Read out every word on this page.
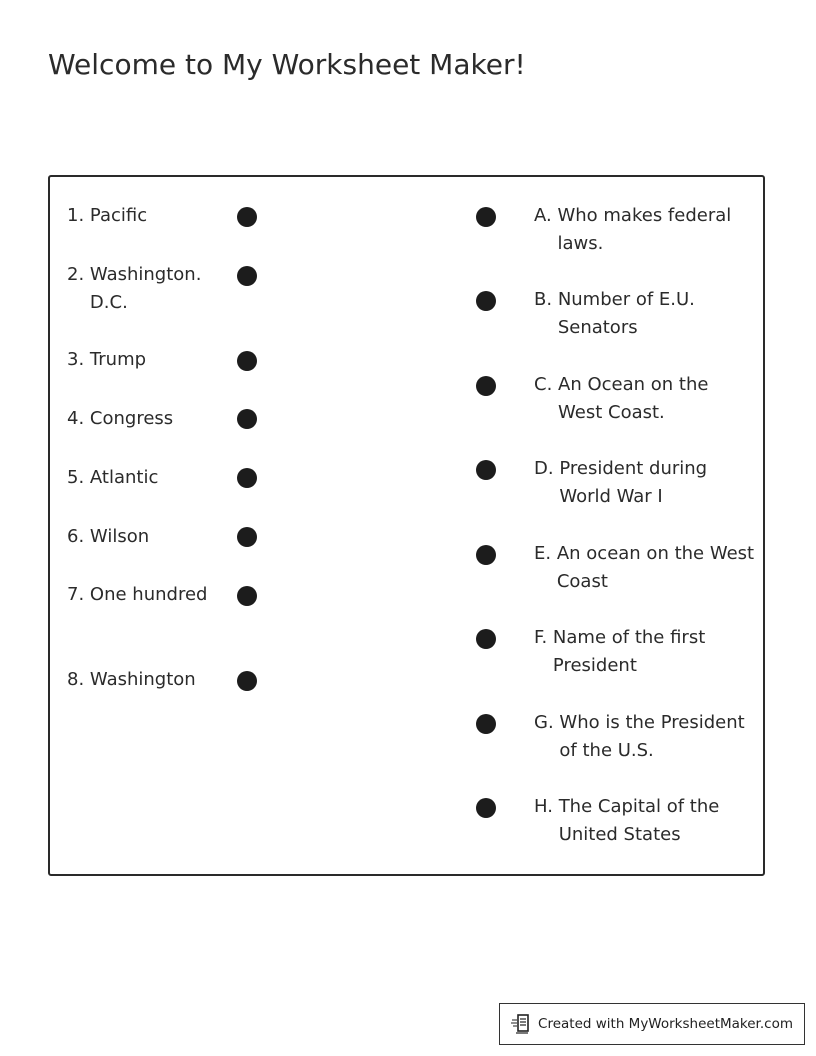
Welcome to My Worksheet Maker!
1.
Pacific
2.
Washington. D.C.
3.
Trump
4.
Congress
5.
Atlantic
6.
Wilson
7.
One hundred
8.
Washington
A.
Who makes federal laws.
B.
Number of E.U. Senators
C.
An Ocean on the West Coast.
D.
President during World War I
E.
An ocean on the West Coast
F.
Name of the first President
G.
Who is the President of the U.S.
H.
The Capital of the United States
Created with MyWorksheetMaker.com
